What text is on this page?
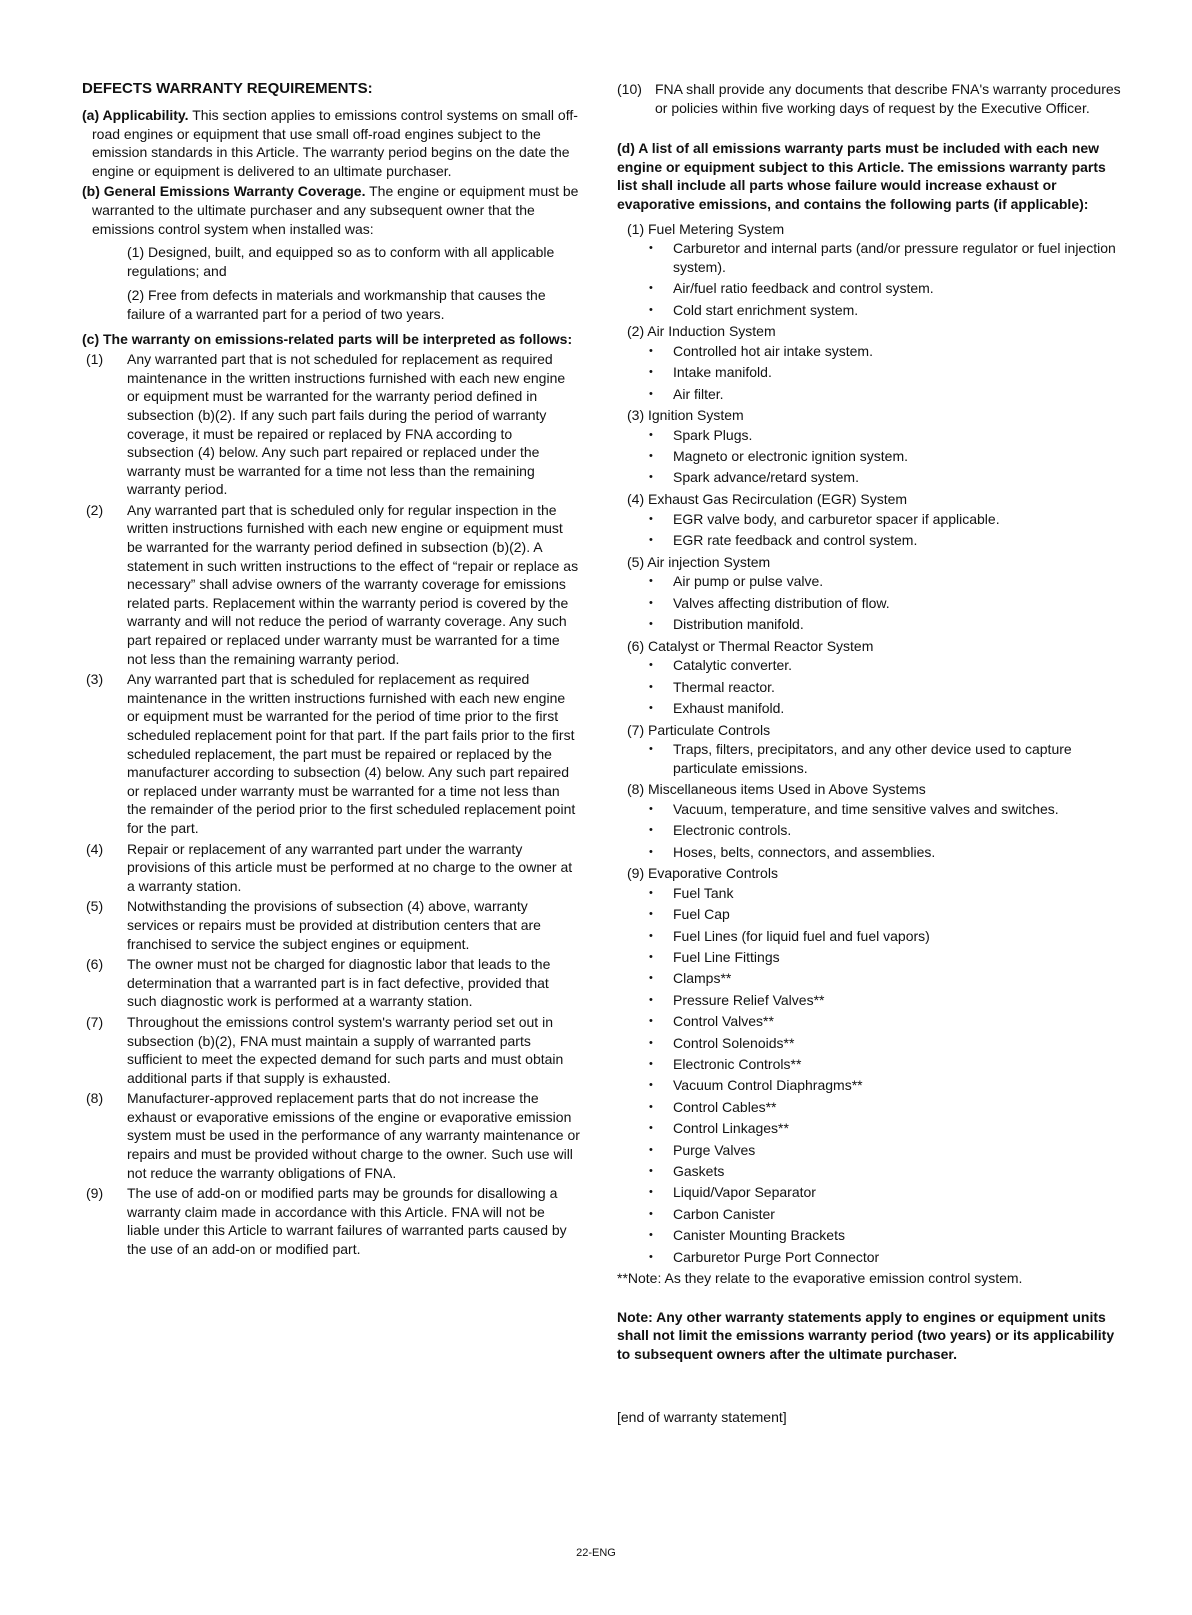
DEFECTS WARRANTY REQUIREMENTS:

(a) Applicability. This section applies to emissions control systems on small off-road engines or equipment that use small off-road engines subject to the emission standards in this Article. The warranty period begins on the date the engine or equipment is delivered to an ultimate purchaser.

(b) General Emissions Warranty Coverage. The engine or equipment must be warranted to the ultimate purchaser and any subsequent owner that the emissions control system when installed was:

(1) Designed, built, and equipped so as to conform with all applicable regulations; and

(2) Free from defects in materials and workmanship that causes the failure of a warranted part for a period of two years.

(c) The warranty on emissions-related parts will be interpreted as follows:

(1) Any warranted part that is not scheduled for replacement as required maintenance in the written instructions furnished with each new engine or equipment must be warranted for the warranty period defined in subsection (b)(2). If any such part fails during the period of warranty coverage, it must be repaired or replaced by FNA according to subsection (4) below. Any such part repaired or replaced under the warranty must be warranted for a time not less than the remaining warranty period.
(2) Any warranted part that is scheduled only for regular inspection in the written instructions furnished with each new engine or equipment must be warranted for the warranty period defined in subsection (b)(2). A statement in such written instructions to the effect of “repair or replace as necessary” shall advise owners of the warranty coverage for emissions related parts. Replacement within the warranty period is covered by the warranty and will not reduce the period of warranty coverage. Any such part repaired or replaced under warranty must be warranted for a time not less than the remaining warranty period.
(3) Any warranted part that is scheduled for replacement as required maintenance in the written instructions furnished with each new engine or equipment must be warranted for the period of time prior to the first scheduled replacement point for that part. If the part fails prior to the first scheduled replacement, the part must be repaired or replaced by the manufacturer according to subsection (4) below. Any such part repaired or replaced under warranty must be warranted for a time not less than the remainder of the period prior to the first scheduled replacement point for the part.
(4) Repair or replacement of any warranted part under the warranty provisions of this article must be performed at no charge to the owner at a warranty station.
(5) Notwithstanding the provisions of subsection (4) above, warranty services or repairs must be provided at distribution centers that are franchised to service the subject engines or equipment.
(6) The owner must not be charged for diagnostic labor that leads to the determination that a warranted part is in fact defective, provided that such diagnostic work is performed at a warranty station.
(7) Throughout the emissions control system's warranty period set out in subsection (b)(2), FNA must maintain a supply of warranted parts sufficient to meet the expected demand for such parts and must obtain additional parts if that supply is exhausted.
(8) Manufacturer-approved replacement parts that do not increase the exhaust or evaporative emissions of the engine or evaporative emission system must be used in the performance of any warranty maintenance or repairs and must be provided without charge to the owner. Such use will not reduce the warranty obligations of FNA.
(9) The use of add-on or modified parts may be grounds for disallowing a warranty claim made in accordance with this Article. FNA will not be liable under this Article to warrant failures of warranted parts caused by the use of an add-on or modified part.
(10) FNA shall provide any documents that describe FNA's warranty procedures or policies within five working days of request by the Executive Officer.

(d) A list of all emissions warranty parts must be included with each new engine or equipment subject to this Article. The emissions warranty parts list shall include all parts whose failure would increase exhaust or evaporative emissions, and contains the following parts (if applicable):

(1) Fuel Metering System
• Carburetor and internal parts (and/or pressure regulator or fuel injection system).
• Air/fuel ratio feedback and control system.
• Cold start enrichment system.
(2) Air Induction System
• Controlled hot air intake system.
• Intake manifold.
• Air filter.
(3) Ignition System
• Spark Plugs.
• Magneto or electronic ignition system.
• Spark advance/retard system.
(4) Exhaust Gas Recirculation (EGR) System
• EGR valve body, and carburetor spacer if applicable.
• EGR rate feedback and control system.
(5) Air injection System
• Air pump or pulse valve.
• Valves affecting distribution of flow.
• Distribution manifold.
(6) Catalyst or Thermal Reactor System
• Catalytic converter.
• Thermal reactor.
• Exhaust manifold.
(7) Particulate Controls
• Traps, filters, precipitators, and any other device used to capture particulate emissions.
(8) Miscellaneous items Used in Above Systems
• Vacuum, temperature, and time sensitive valves and switches.
• Electronic controls.
• Hoses, belts, connectors, and assemblies.
(9) Evaporative Controls
• Fuel Tank
• Fuel Cap
• Fuel Lines (for liquid fuel and fuel vapors)
• Fuel Line Fittings
• Clamps**
• Pressure Relief Valves**
• Control Valves**
• Control Solenoids**
• Electronic Controls**
• Vacuum Control Diaphragms**
• Control Cables**
• Control Linkages**
• Purge Valves
• Gaskets
• Liquid/Vapor Separator
• Carbon Canister
• Canister Mounting Brackets
• Carburetor Purge Port Connector

**Note: As they relate to the evaporative emission control system.

Note: Any other warranty statements apply to engines or equipment units shall not limit the emissions warranty period (two years) or its applicability to subsequent owners after the ultimate purchaser.

[end of warranty statement]

22-ENG
